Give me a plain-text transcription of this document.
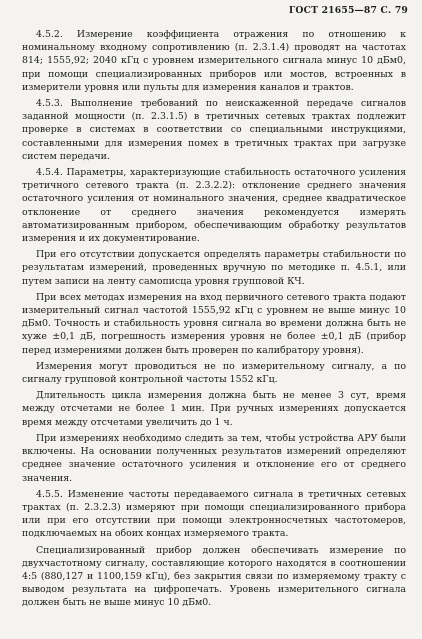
ГОСТ 21655—87 С. 79

4.5.2. Измерение коэффициента отражения по отношению к номинальному входному сопротивлению (п. 2.3.1.4) проводят на частотах 814; 1555,92; 2040 кГц с уровнем измерительного сигнала минус 10 дБм0, при помощи специализированных приборов или мостов, встроенных в измерители уровня или пульты для измерения каналов и трактов.

4.5.3. Выполнение требований по неискаженной передаче сигналов заданной мощности (п. 2.3.1.5) в третичных сетевых трактах подлежит проверке в системах в соответствии со специальными инструкциями, составленными для измерения помех в третичных трактах при загрузке систем передачи.

4.5.4. Параметры, характеризующие стабильность остаточного усиления третичного сетевого тракта (п. 2.3.2.2): отклонение среднего значения остаточного усиления от номинального значения, среднее квадратическое отклонение от среднего значения рекомендуется измерять автоматизированным прибором, обеспечивающим обработку результатов измерения и их документирование.

При его отсутствии допускается определять параметры стабильности по результатам измерений, проведенных вручную по методике п. 4.5.1, или путем записи на ленту самописца уровня групповой КЧ.

При всех методах измерения на вход первичного сетевого тракта подают измерительный сигнал частотой 1555,92 кГц с уровнем не выше минус 10 дБм0. Точность и стабильность уровня сигнала во времени должна быть не хуже ±0,1 дБ, погрешность измерения уровня не более ±0,1 дБ (прибор перед измерениями должен быть проверен по калибратору уровня).

Измерения могут проводиться не по измерительному сигналу, а по сигналу групповой контрольной частоты 1552 кГц.

Длительность цикла измерения должна быть не менее 3 сут, время между отсчетами не более 1 мин. При ручных измерениях допускается время между отсчетами увеличить до 1 ч.

При измерениях необходимо следить за тем, чтобы устройства АРУ были включены. На основании полученных результатов измерений определяют среднее значение остаточного усиления и отклонение его от среднего значения.

4.5.5. Изменение частоты передаваемого сигнала в третичных сетевых трактах (п. 2.3.2.3) измеряют при помощи специализированного прибора или при его отсутствии при помощи электронносчетных частотомеров, подключаемых на обоих концах измеряемого тракта.

Специализированный прибор должен обеспечивать измерение по двухчастотному сигналу, составляющие которого находятся в соотношении 4:5 (880,127 и 1100,159 кГц), без закрытия связи по измеряемому тракту с выводом результата на цифропечать. Уровень измерительного сигнала должен быть не выше минус 10 дБм0.
